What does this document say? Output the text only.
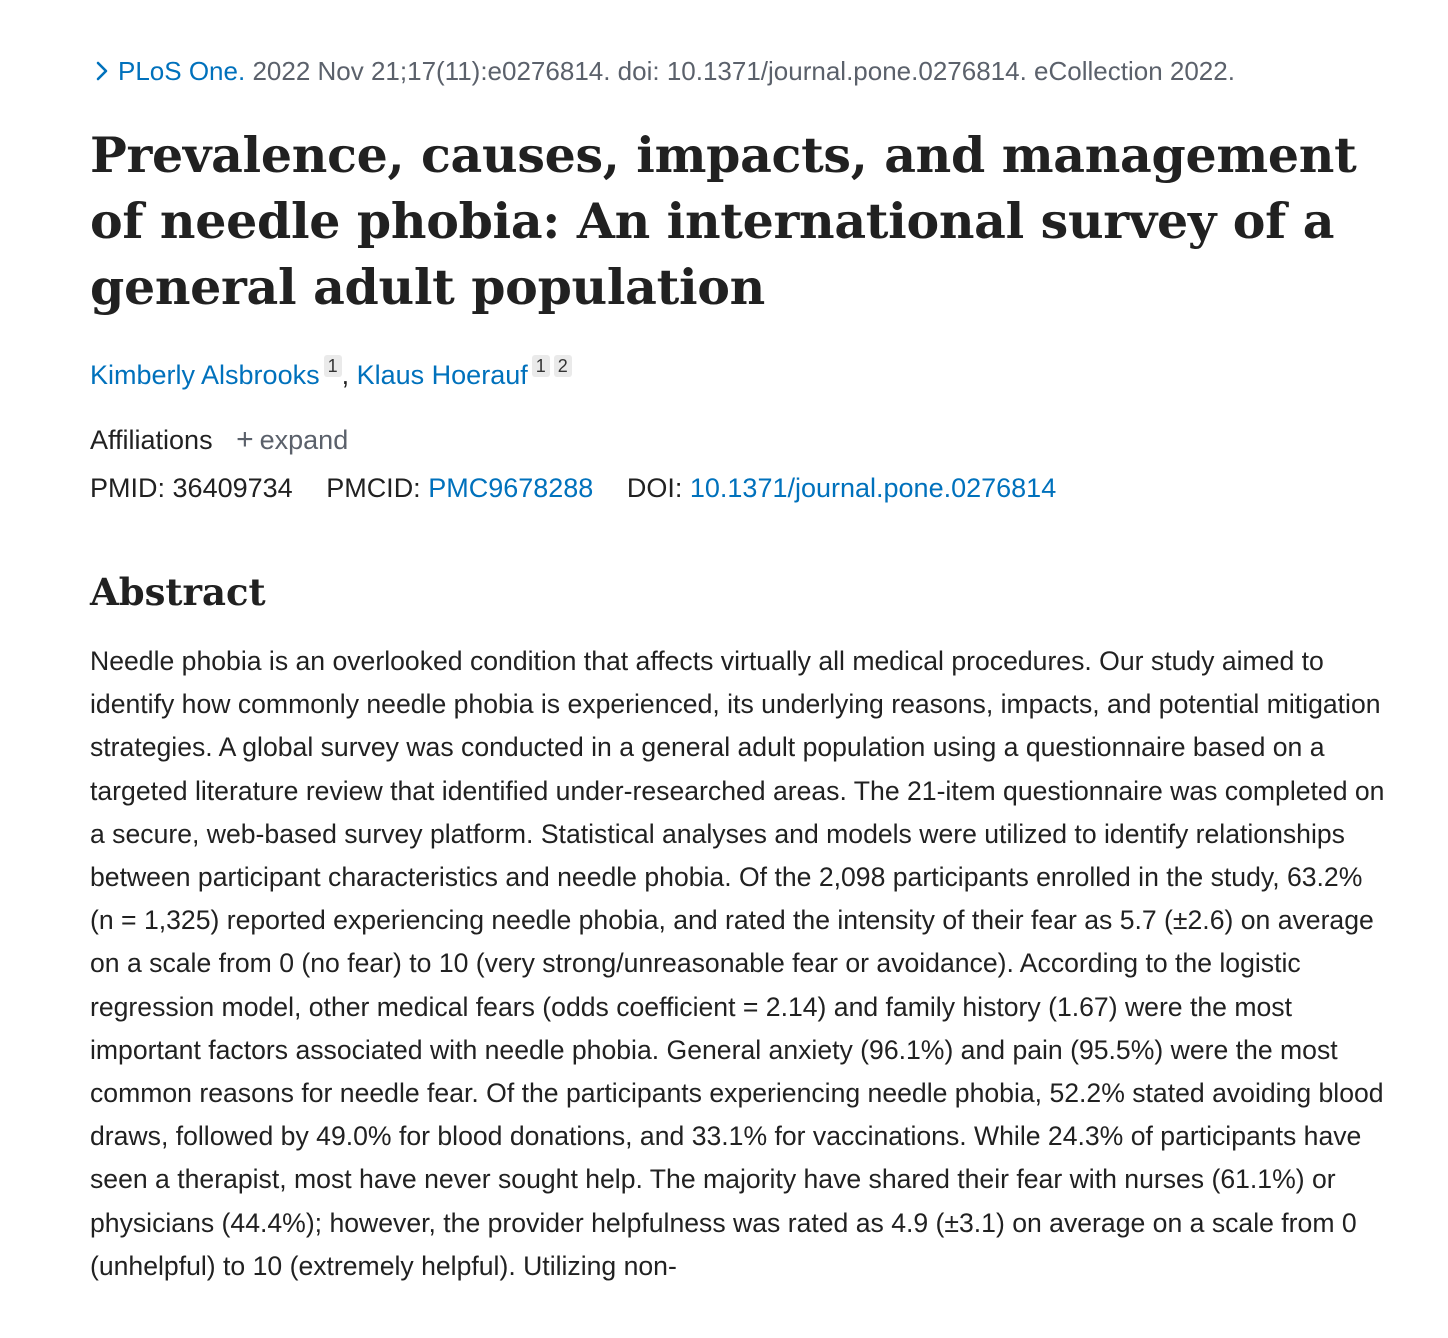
PLoS One. 2022 Nov 21;17(11):e0276814. doi: 10.1371/journal.pone.0276814. eCollection 2022.
Prevalence, causes, impacts, and management of needle phobia: An international survey of a general adult population
Kimberly Alsbrooks 1 , Klaus Hoerauf 1 2
Affiliations + expand
PMID: 36409734 PMCID: PMC9678288 DOI: 10.1371/journal.pone.0276814
Abstract

Needle phobia is an overlooked condition that affects virtually all medical procedures. Our study aimed to identify how commonly needle phobia is experienced, its underlying reasons, impacts, and potential mitigation strategies. A global survey was conducted in a general adult population using a questionnaire based on a targeted literature review that identified under-researched areas. The 21-item questionnaire was completed on a secure, web-based survey platform. Statistical analyses and models were utilized to identify relationships between participant characteristics and needle phobia. Of the 2,098 participants enrolled in the study, 63.2% (n = 1,325) reported experiencing needle phobia, and rated the intensity of their fear as 5.7 (±2.6) on average on a scale from 0 (no fear) to 10 (very strong/unreasonable fear or avoidance). According to the logistic regression model, other medical fears (odds coefficient = 2.14) and family history (1.67) were the most important factors associated with needle phobia. General anxiety (96.1%) and pain (95.5%) were the most common reasons for needle fear. Of the participants experiencing needle phobia, 52.2% stated avoiding blood draws, followed by 49.0% for blood donations, and 33.1% for vaccinations. While 24.3% of participants have seen a therapist, most have never sought help. The majority have shared their fear with nurses (61.1%) or physicians (44.4%); however, the provider helpfulness was rated as 4.9 (±3.1) on average on a scale from 0 (unhelpful) to 10 (extremely helpful). Utilizing non-
